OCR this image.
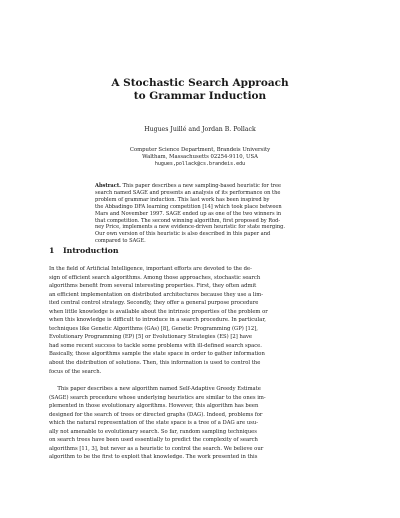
A Stochastic Search Approach
to Grammar Induction
Hugues Juillé and Jordan B. Pollack
Computer Science Department, Brandeis University
Waltham, Massachusetts 02254-9110, USA
hugues,pollack@cs.brandeis.edu
Abstract. This paper describes a new sampling-based heuristic for tree
search named SAGE and presents an analysis of its performance on the
problem of grammar induction. This last work has been inspired by
the Abbadingo DFA learning competition [14] which took place between
Mars and November 1997. SAGE ended up as one of the two winners in
that competition. The second winning algorithm, first proposed by Rod-
ney Price, implements a new evidence-driven heuristic for state merging.
Our own version of this heuristic is also described in this paper and
compared to SAGE.
1 Introduction
In the field of Artificial Intelligence, important efforts are devoted to the de-
sign of efficient search algorithms. Among those approaches, stochastic search
algorithms benefit from several interesting properties. First, they often admit
an efficient implementation on distributed architectures because they use a lim-
ited central control strategy. Secondly, they offer a general purpose procedure
when little knowledge is available about the intrinsic properties of the problem or
when this knowledge is difficult to introduce in a search procedure. In particular,
techniques like Genetic Algorithms (GAs) [8], Genetic Programming (GP) [12],
Evolutionary Programming (EP) [5] or Evolutionary Strategies (ES) [2] have
had some recent success to tackle some problems with ill-defined search space.
Basically, those algorithms sample the state space in order to gather information
about the distribution of solutions. Then, this information is used to control the
focus of the search.
This paper describes a new algorithm named Self-Adaptive Greedy Estimate
(SAGE) search procedure whose underlying heuristics are similar to the ones im-
plemented in those evolutionary algorithms. However, this algorithm has been
designed for the search of trees or directed graphs (DAG). Indeed, problems for
which the natural representation of the state space is a tree of a DAG are usu-
ally not amenable to evolutionary search. So far, random sampling techniques
on search trees have been used essentially to predict the complexity of search
algorithms [11, 3], but never as a heuristic to control the search. We believe our
algorithm to be the first to exploit that knowledge. The work presented in this
